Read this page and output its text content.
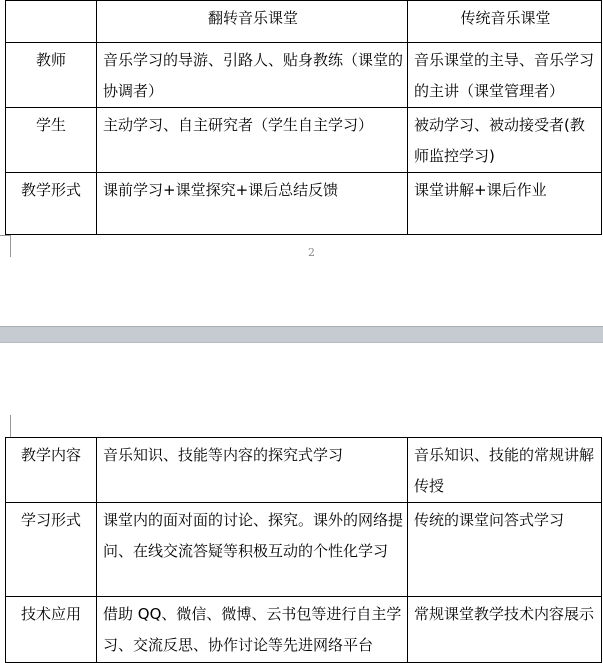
	翻转音乐课堂	传统音乐课堂
教师	音乐学习的导游、引路人、贴身教练（课堂的协调者）	音乐课堂的主导、音乐学习的主讲（课堂管理者）
学生	主动学习、自主研究者（学生自主学习）	被动学习、被动接受者(教师监控学习)
教学形式	课前学习+课堂探究+课后总结反馈	课堂讲解+课后作业
2
教学内容	音乐知识、技能等内容的探究式学习	音乐知识、技能的常规讲解传授
学习形式	课堂内的面对面的讨论、探究。课外的网络提问、在线交流答疑等积极互动的个性化学习	传统的课堂问答式学习
技术应用	借助 QQ、微信、微博、云书包等进行自主学习、交流反思、协作讨论等先进网络平台	常规课堂教学技术内容展示
